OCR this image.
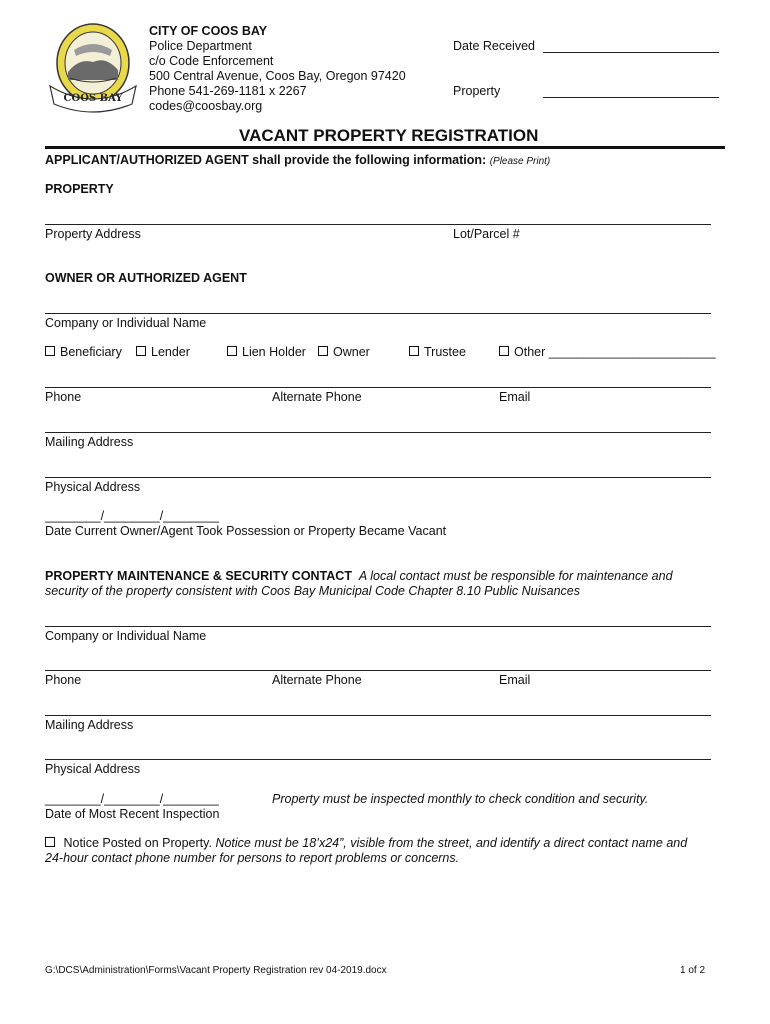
COOS BAY
CITY OF COOS BAY
Police Department
c/o Code Enforcement
500 Central Avenue, Coos Bay, Oregon 97420
Phone 541-269-1181 x 2267
codes@coosbay.org
Date Received
Property
VACANT PROPERTY REGISTRATION
APPLICANT/AUTHORIZED AGENT shall provide the following information: (Please Print)
PROPERTY
Property Address	Lot/Parcel #
OWNER OR AUTHORIZED AGENT
Company or Individual Name
Beneficiary	Lender	Lien Holder	Owner	Trustee	Other ________________________
Phone	Alternate Phone	Email
Mailing Address
Physical Address
________/________/________
Date Current Owner/Agent Took Possession or Property Became Vacant
PROPERTY MAINTENANCE & SECURITY CONTACT A local contact must be responsible for maintenance and
security of the property consistent with Coos Bay Municipal Code Chapter 8.10 Public Nuisances
Company or Individual Name
Phone	Alternate Phone	Email
Mailing Address
Physical Address
________/________/________
Date of Most Recent Inspection
Property must be inspected monthly to check condition and security.
Notice Posted on Property. Notice must be 18’x24”, visible from the street, and identify a direct contact name and
24-hour contact phone number for persons to report problems or concerns.
G:\DCS\Administration\Forms\Vacant Property Registration rev 04-2019.docx	1 of 2
